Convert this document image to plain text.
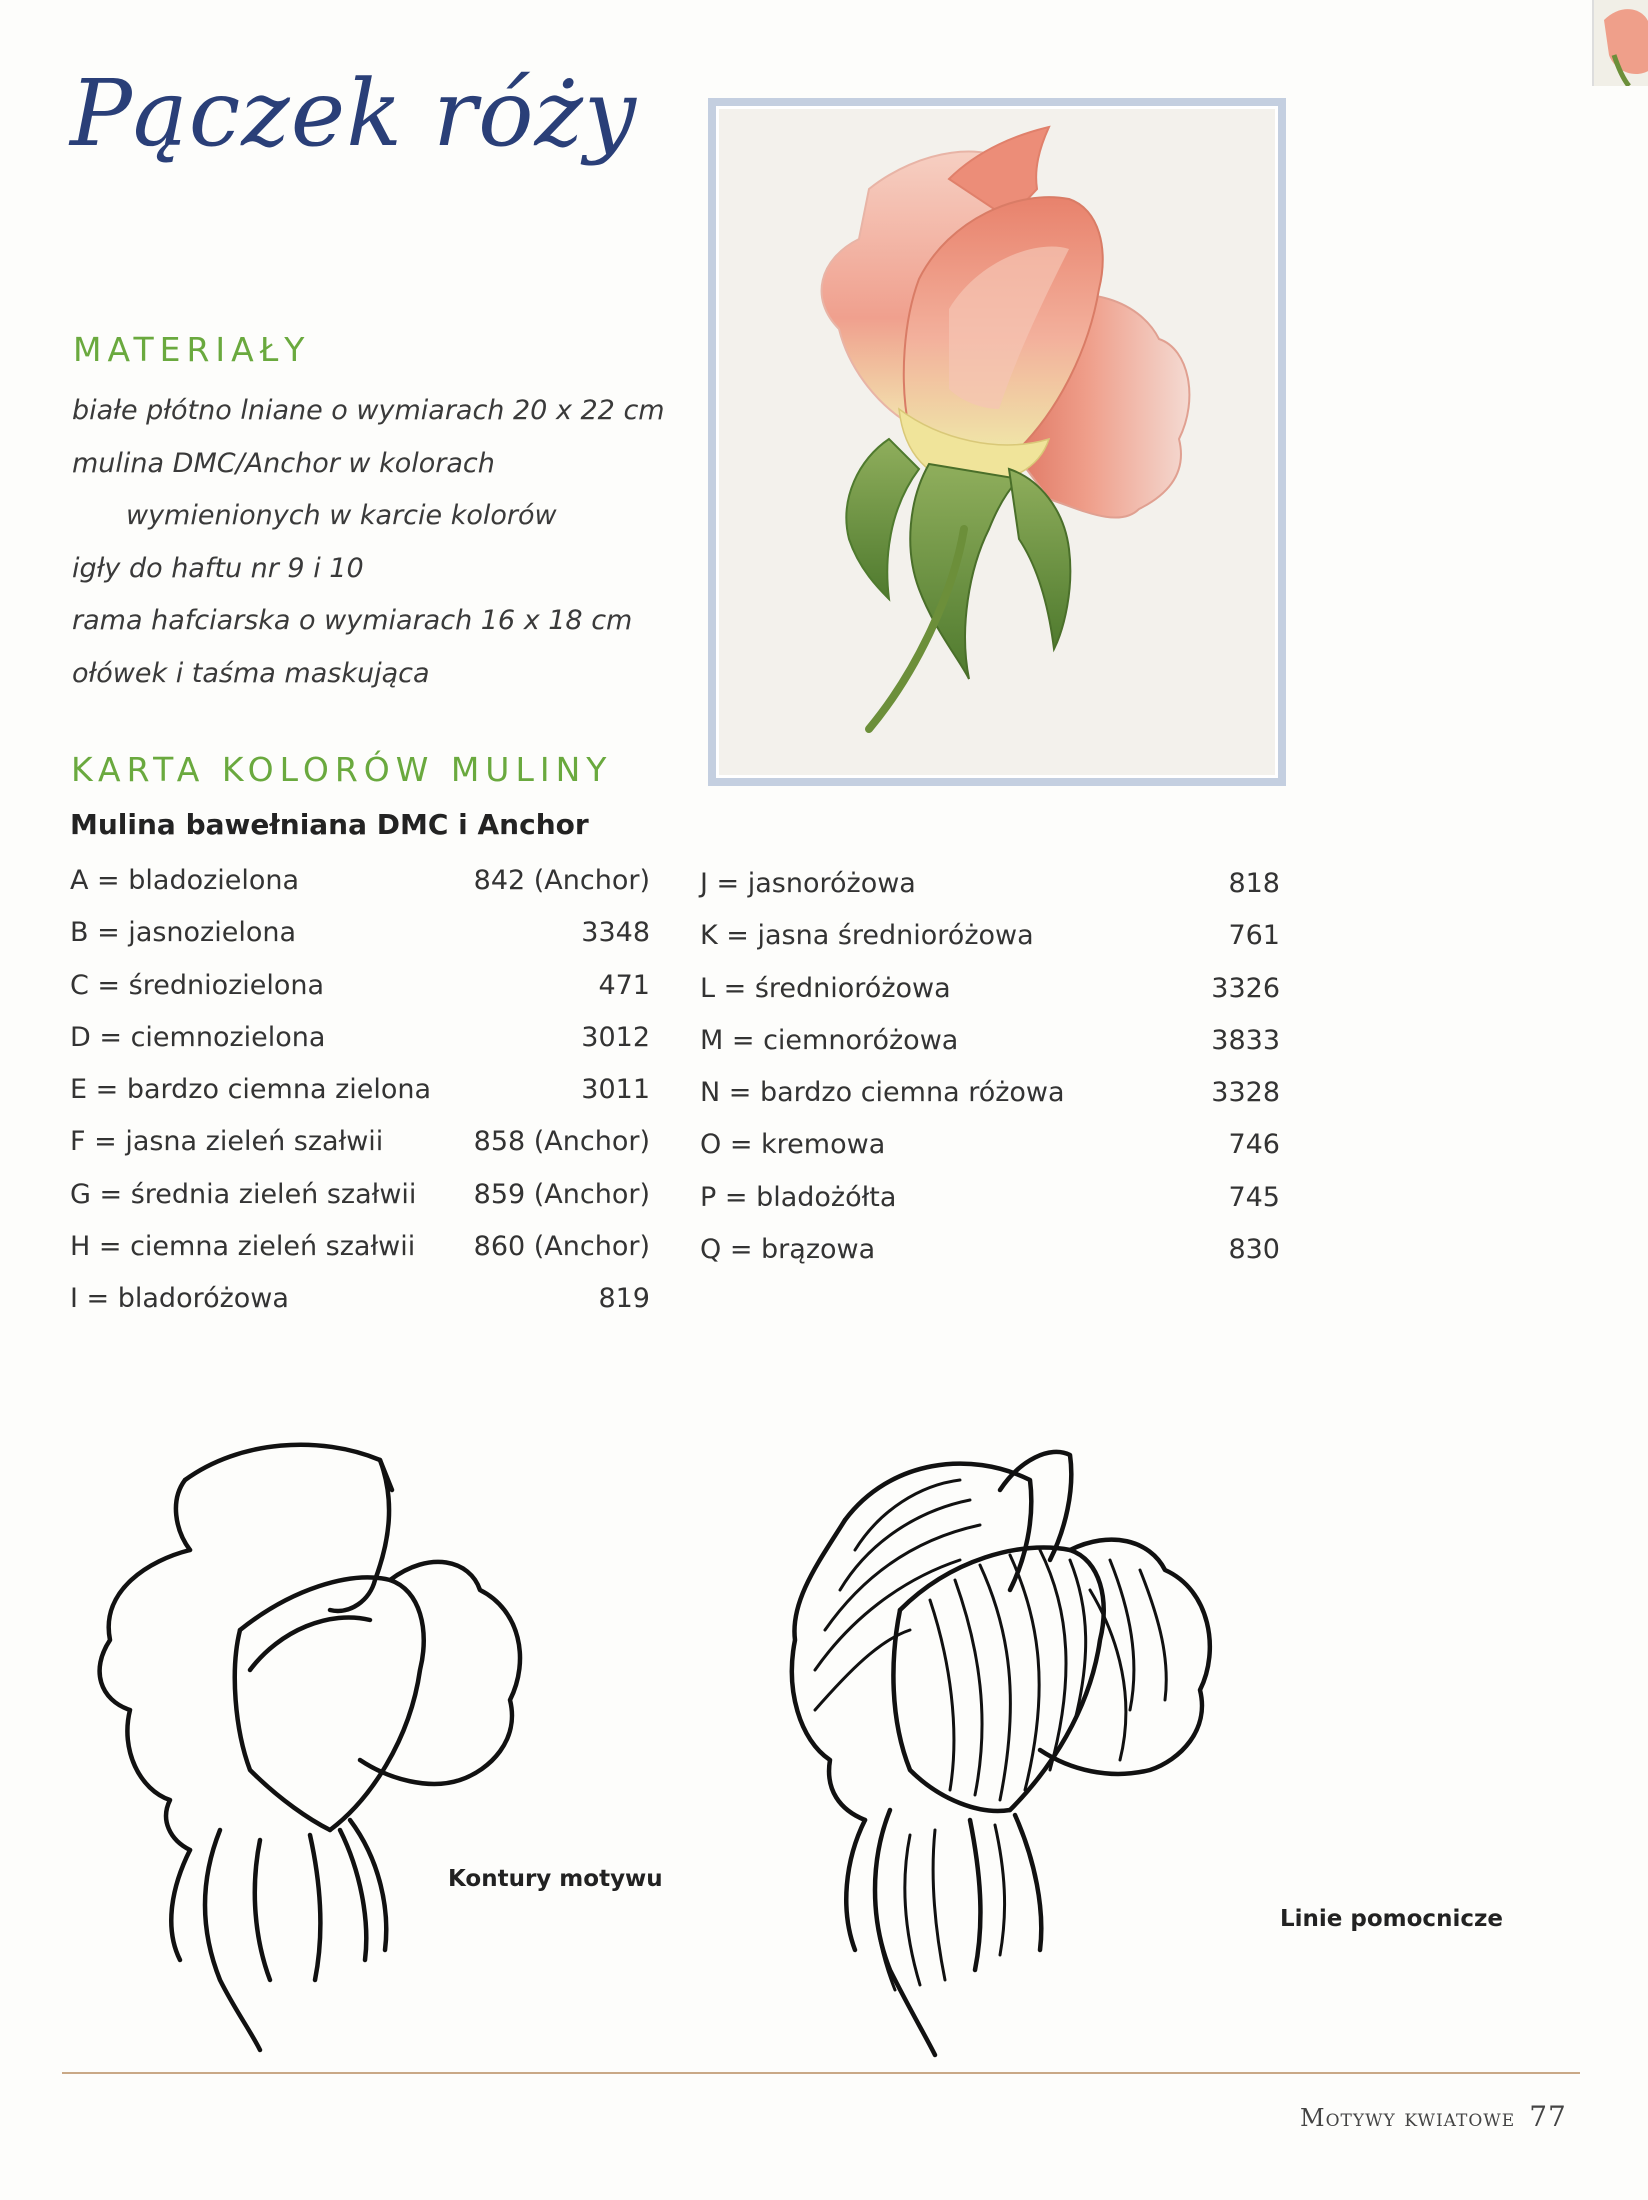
Pączek róży
MATERIAŁY
białe płótno lniane o wymiarach 20 x 22 cm
mulina DMC/Anchor w kolorach
wymienionych w karcie kolorów
igły do haftu nr 9 i 10
rama hafciarska o wymiarach 16 x 18 cm
ołówek i taśma maskująca
KARTA KOLORÓW MULINY
Mulina bawełniana DMC i Anchor
A = bladozielona	842 (Anchor)
B = jasnozielona	3348
C = średniozielona	471
D = ciemnozielona	3012
E = bardzo ciemna zielona	3011
F = jasna zieleń szałwii	858 (Anchor)
G = średnia zieleń szałwii 859 (Anchor)
H = ciemna zieleń szałwii 860 (Anchor)
I = bladoróżowa	819
J = jasnoróżowa	818
K = jasna średnioróżowa	761
L = średnioróżowa	3326
M = ciemnoróżowa	3833
N = bardzo ciemna różowa	3328
O = kremowa	746
P = bladożółta	745
Q = brązowa	830
Kontury motywu
Linie pomocnicze
Motywy kwiatowe 77
